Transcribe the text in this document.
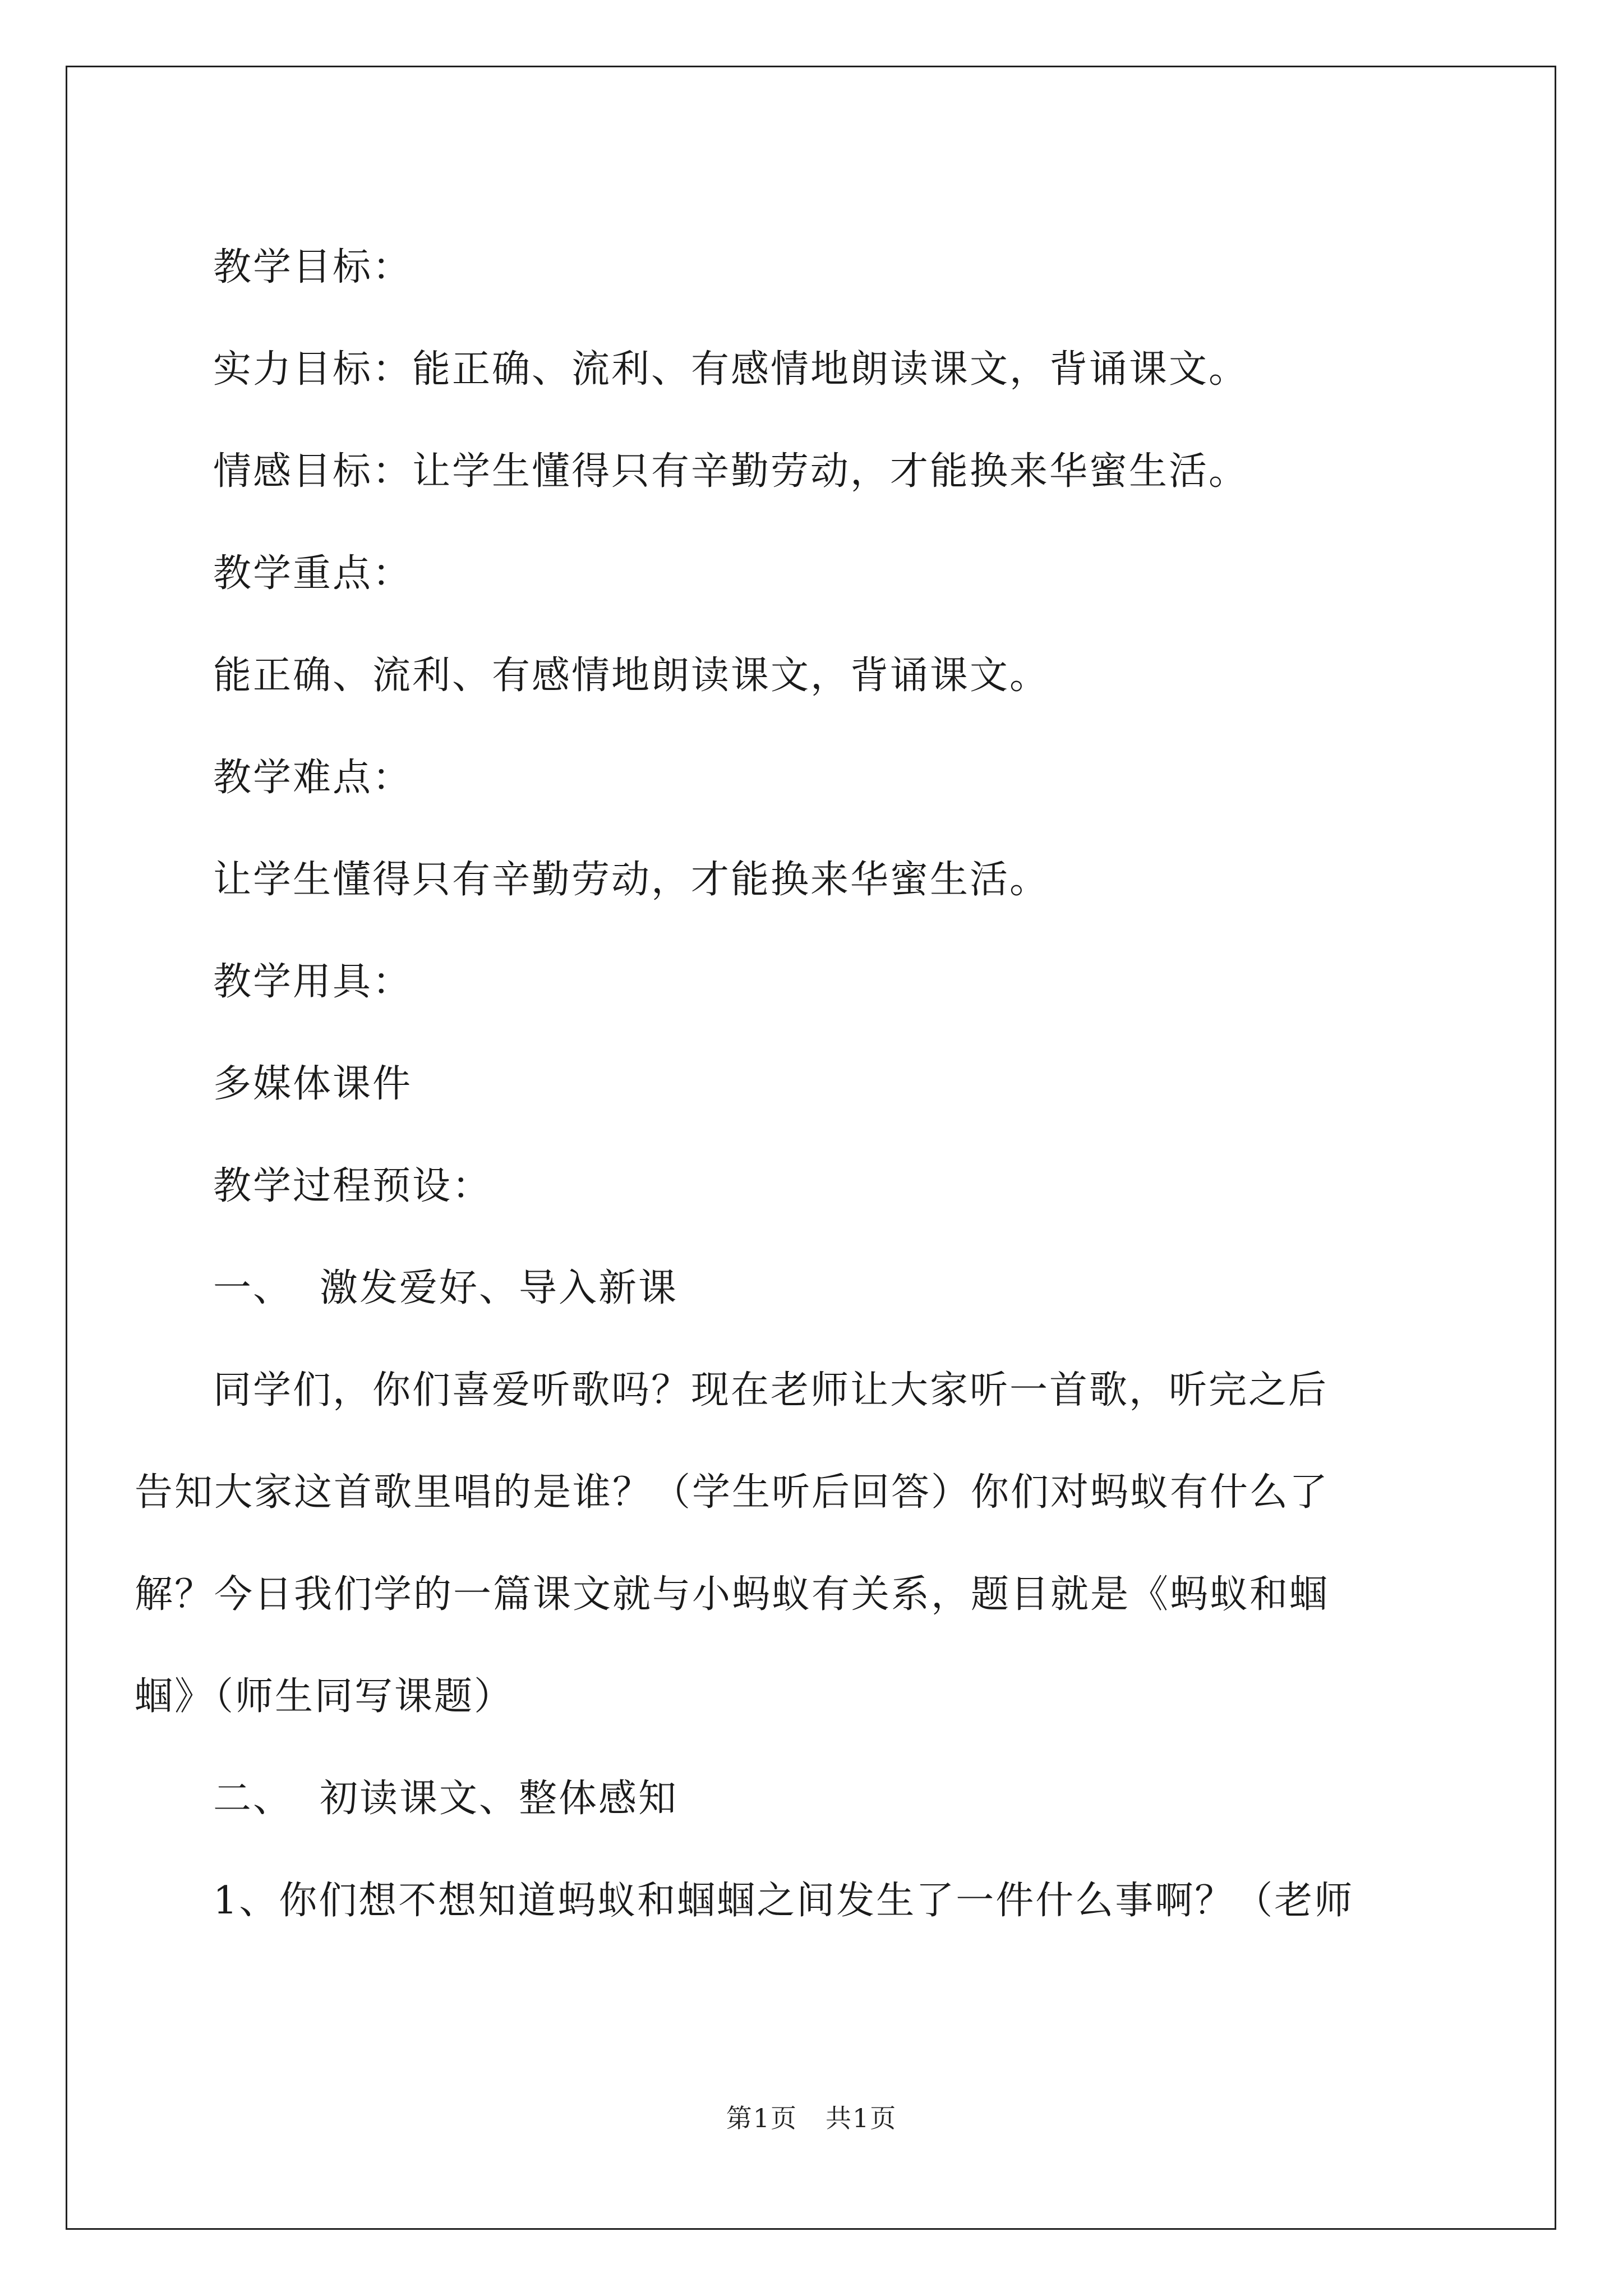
教学目标：
实力目标：能正确、流利、有感情地朗读课文，背诵课文。
情感目标：让学生懂得只有辛勤劳动，才能换来华蜜生活。
教学重点：
能正确、流利、有感情地朗读课文，背诵课文。
教学难点：
让学生懂得只有辛勤劳动，才能换来华蜜生活。
教学用具：
多媒体课件
教学过程预设：
一、 激发爱好、导入新课
同学们，你们喜爱听歌吗？现在老师让大家听一首歌，听完之后
告知大家这首歌里唱的是谁？（学生听后回答）你们对蚂蚁有什么了
解？今日我们学的一篇课文就与小蚂蚁有关系，题目就是《蚂蚁和蝈
蝈》（师生同写课题）
二、 初读课文、整体感知
1、你们想不想知道蚂蚁和蝈蝈之间发生了一件什么事啊？（老师
第1页 共1页
